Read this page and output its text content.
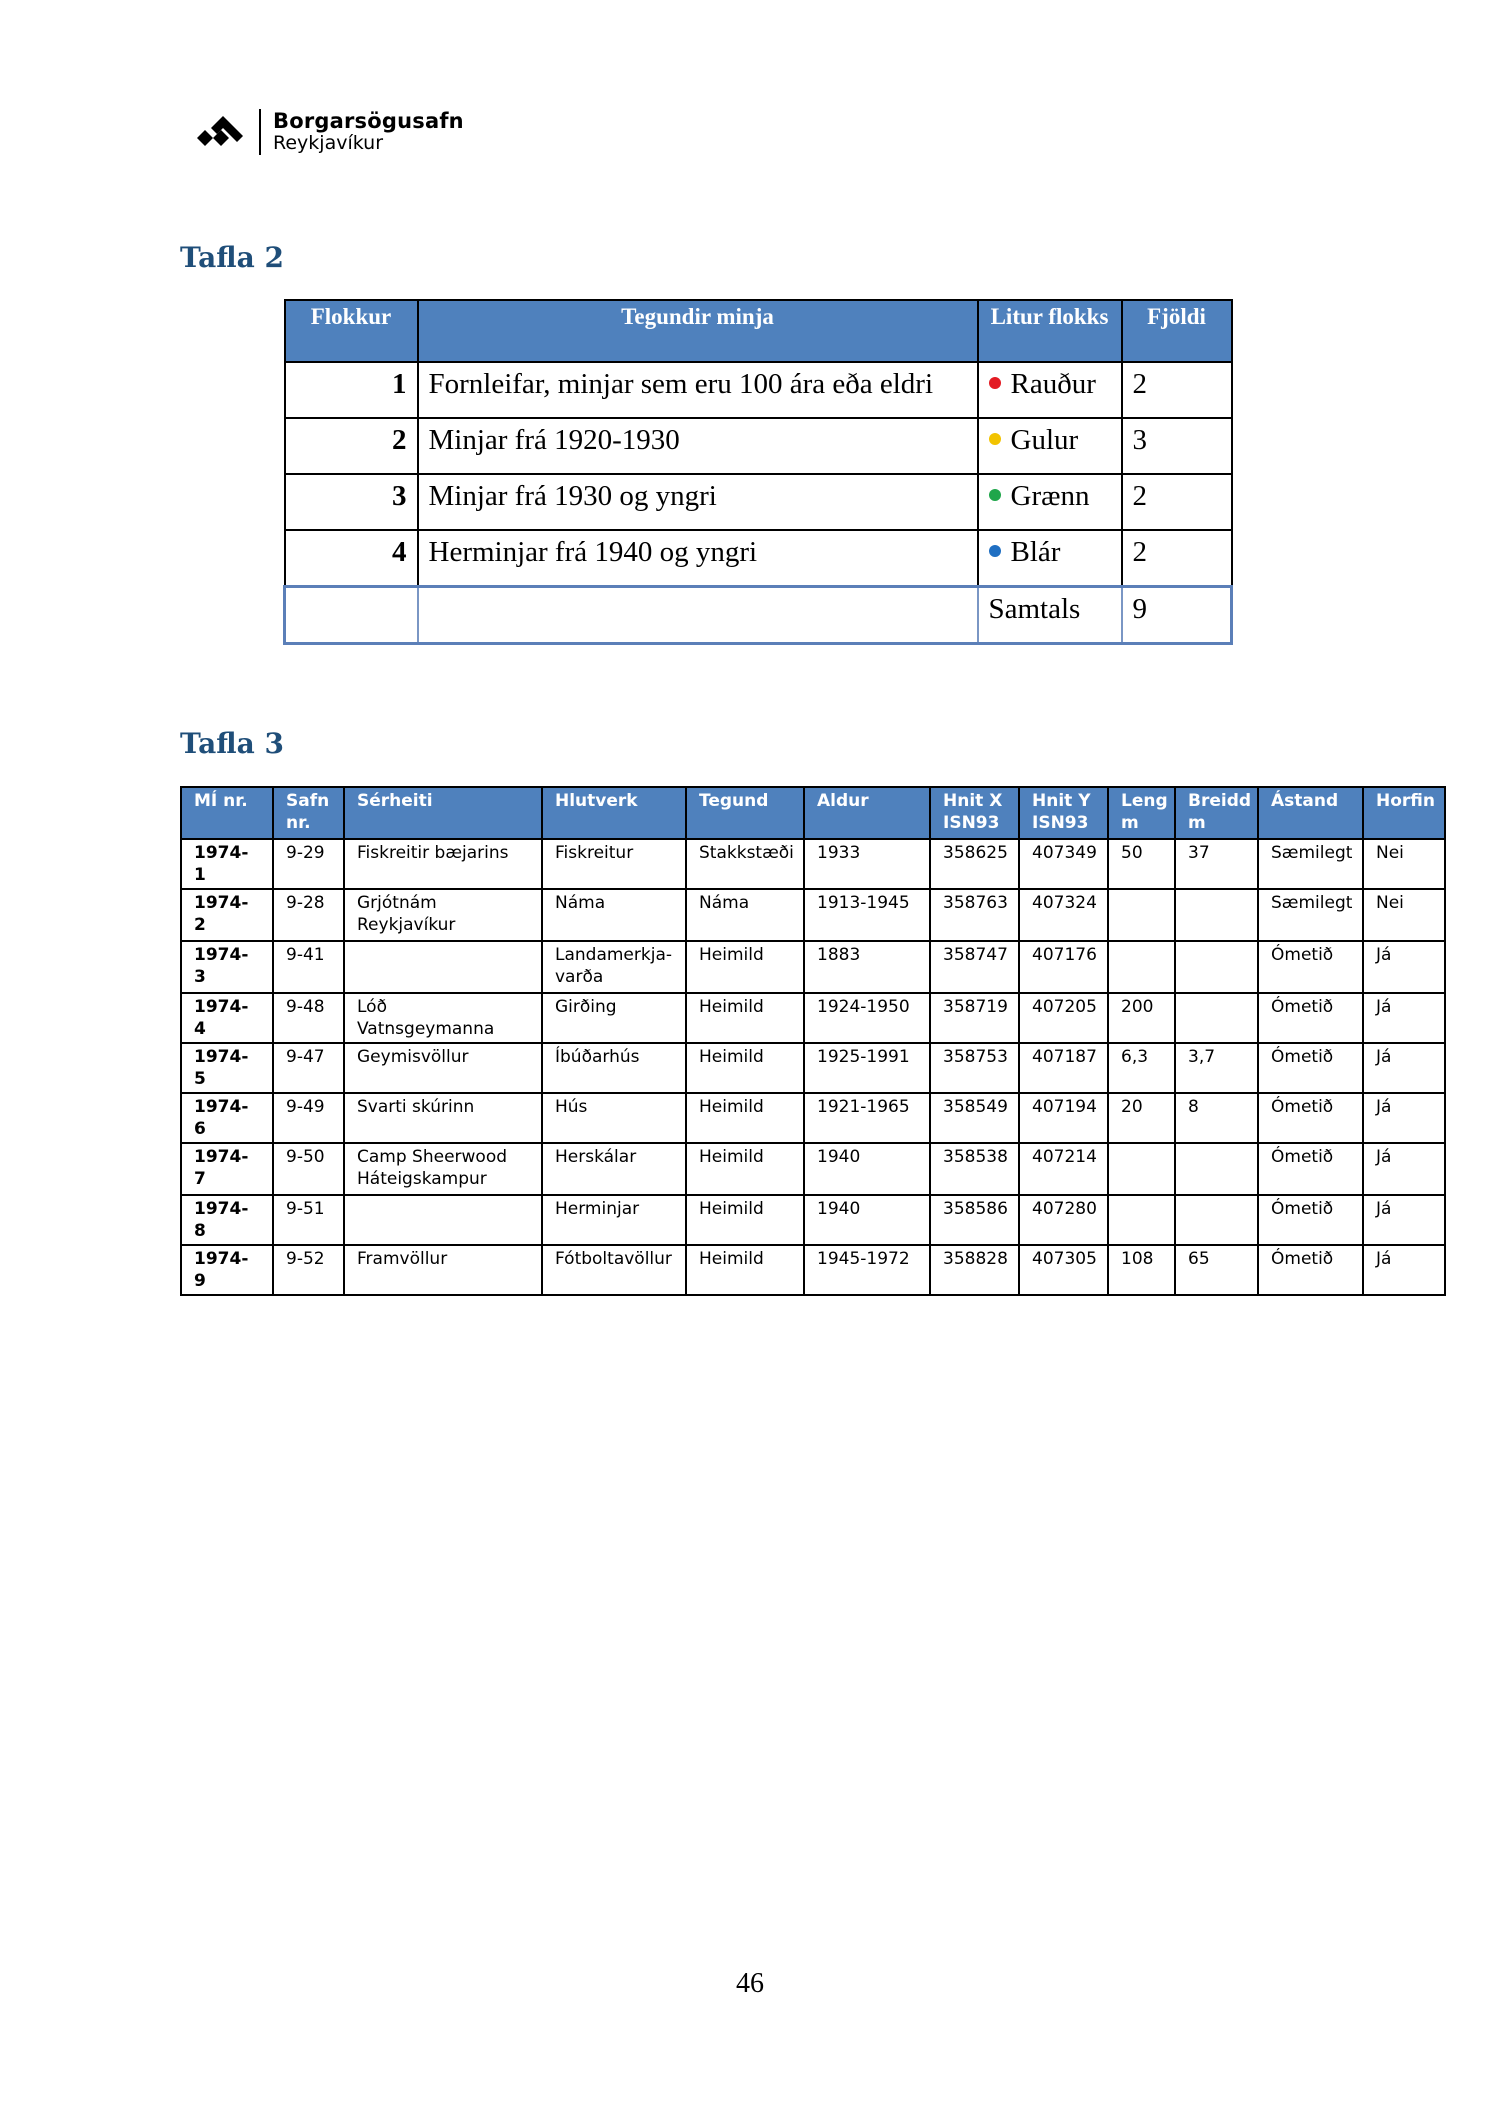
Borgarsögusafn
Reykjavíkur
Tafla 2
Flokkur	Tegundir minja	Litur flokks	Fjöldi
1	Fornleifar, minjar sem eru 100 ára eða eldri	Rauður	2
2	Minjar frá 1920-1930	Gulur	3
3	Minjar frá 1930 og yngri	Grænn	2
4	Herminjar frá 1940 og yngri	Blár	2
		Samtals	9
Tafla 3
MÍ nr.	Safn nr.	Sérheiti	Hlutverk	Tegund	Aldur	Hnit X ISN93	Hnit Y ISN93	Leng m	Breidd m	Ástand	Horfin
1974-1	9-29	Fiskreitir bæjarins	Fiskreitur	Stakkstæði	1933	358625	407349	50	37	Sæmilegt	Nei
1974-2	9-28	Grjótnám Reykjavíkur	Náma	Náma	1913-1945	358763	407324			Sæmilegt	Nei
1974-3	9-41		Landamerkja-varða	Heimild	1883	358747	407176			Ómetið	Já
1974-4	9-48	Lóð Vatnsgeymanna	Girðing	Heimild	1924-1950	358719	407205	200		Ómetið	Já
1974-5	9-47	Geymisvöllur	Íbúðarhús	Heimild	1925-1991	358753	407187	6,3	3,7	Ómetið	Já
1974-6	9-49	Svarti skúrinn	Hús	Heimild	1921-1965	358549	407194	20	8	Ómetið	Já
1974-7	9-50	Camp Sheerwood Háteigskampur	Herskálar	Heimild	1940	358538	407214			Ómetið	Já
1974-8	9-51		Herminjar	Heimild	1940	358586	407280			Ómetið	Já
1974-9	9-52	Framvöllur	Fótboltavöllur	Heimild	1945-1972	358828	407305	108	65	Ómetið	Já
46
